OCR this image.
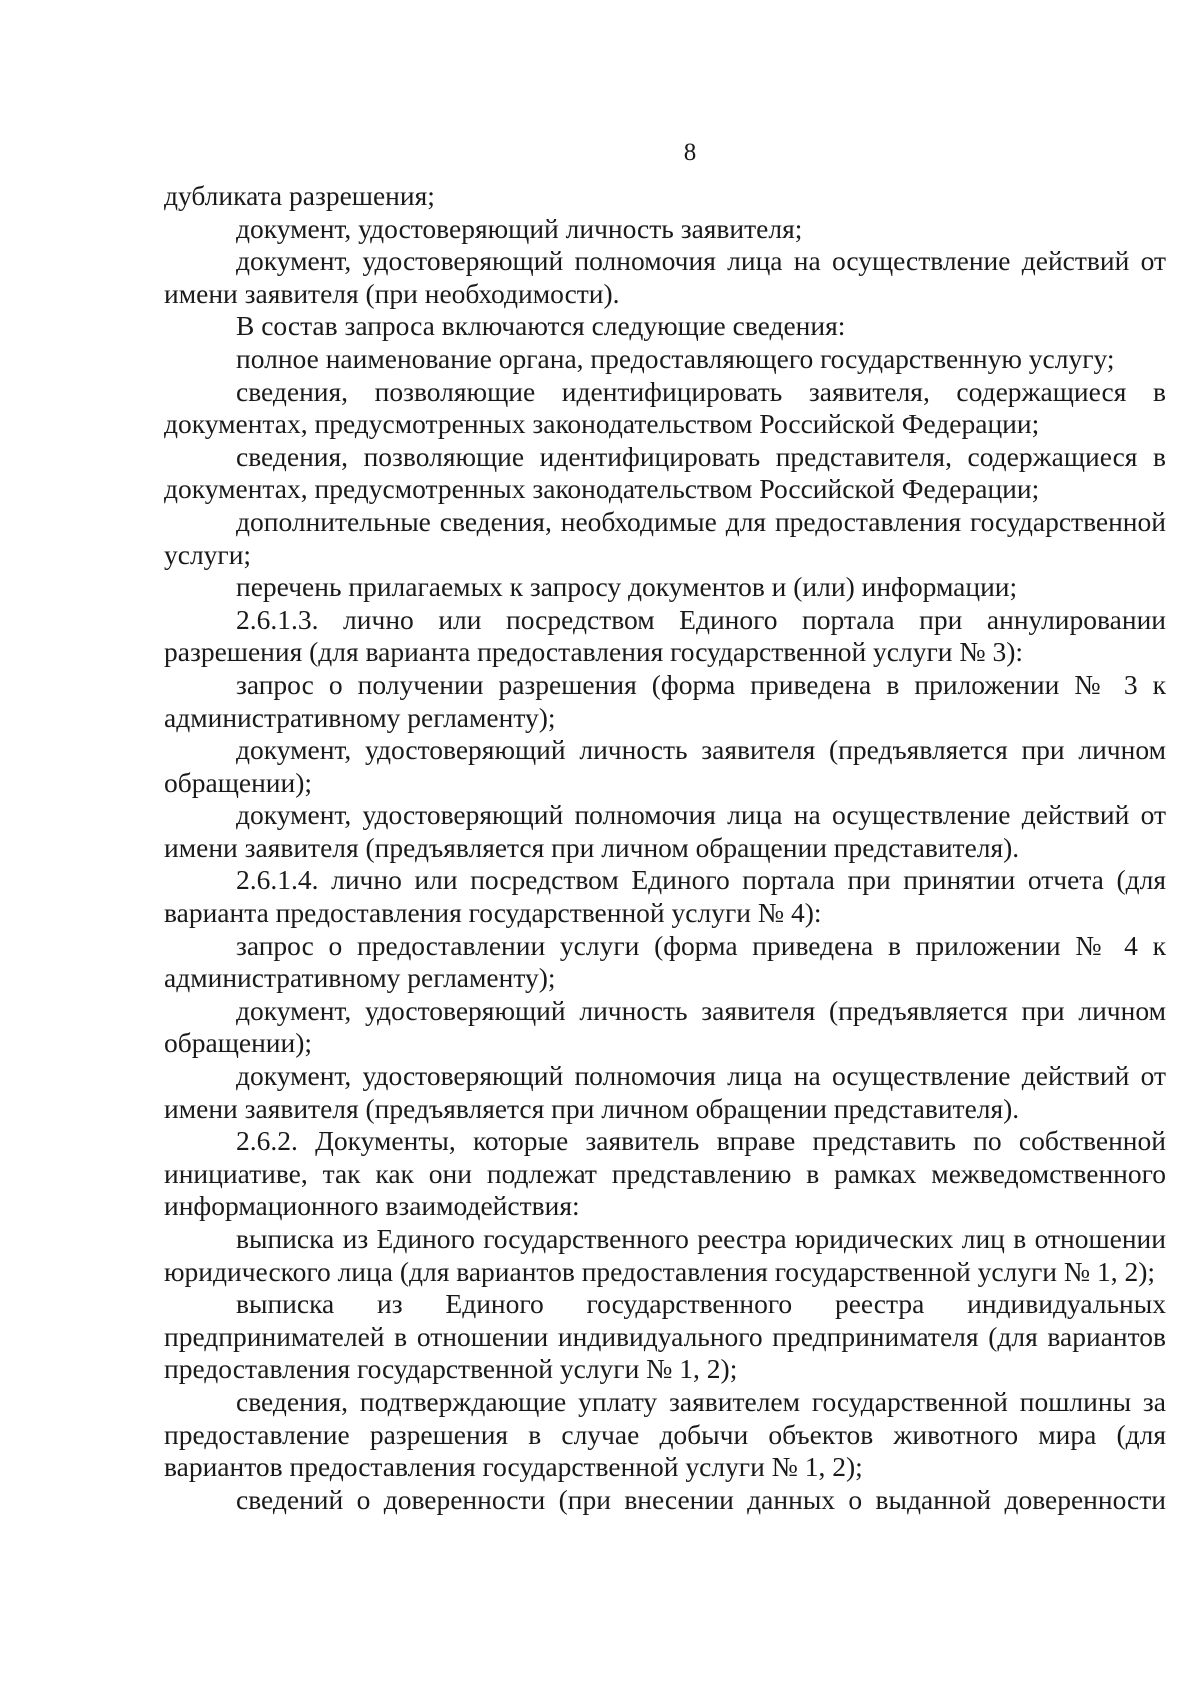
8

дубликата разрешения;

документ, удостоверяющий личность заявителя;

документ, удостоверяющий полномочия лица на осуществление действий от имени заявителя (при необходимости).

В состав запроса включаются следующие сведения:

полное наименование органа, предоставляющего государственную услугу;

сведения, позволяющие идентифицировать заявителя, содержащиеся в документах, предусмотренных законодательством Российской Федерации;

сведения, позволяющие идентифицировать представителя, содержащиеся в документах, предусмотренных законодательством Российской Федерации;

дополнительные сведения, необходимые для предоставления государственной услуги;

перечень прилагаемых к запросу документов и (или) информации;

2.6.1.3. лично или посредством Единого портала при аннулировании разрешения (для варианта предоставления государственной услуги № 3):

запрос о получении разрешения (форма приведена в приложении № 3 к административному регламенту);

документ, удостоверяющий личность заявителя (предъявляется при личном обращении);

документ, удостоверяющий полномочия лица на осуществление действий от имени заявителя (предъявляется при личном обращении представителя).

2.6.1.4. лично или посредством Единого портала при принятии отчета (для варианта предоставления государственной услуги № 4):

запрос о предоставлении услуги (форма приведена в приложении № 4 к административному регламенту);

документ, удостоверяющий личность заявителя (предъявляется при личном обращении);

документ, удостоверяющий полномочия лица на осуществление действий от имени заявителя (предъявляется при личном обращении представителя).

2.6.2. Документы, которые заявитель вправе представить по собственной инициативе, так как они подлежат представлению в рамках межведомственного информационного взаимодействия:

выписка из Единого государственного реестра юридических лиц в отношении юридического лица (для вариантов предоставления государственной услуги № 1, 2);

выписка из Единого государственного реестра индивидуальных предпринимателей в отношении индивидуального предпринимателя (для вариантов предоставления государственной услуги № 1, 2);

сведения, подтверждающие уплату заявителем государственной пошлины за предоставление разрешения в случае добычи объектов животного мира (для вариантов предоставления государственной услуги № 1, 2);

сведений о доверенности (при внесении данных о выданной доверенности
